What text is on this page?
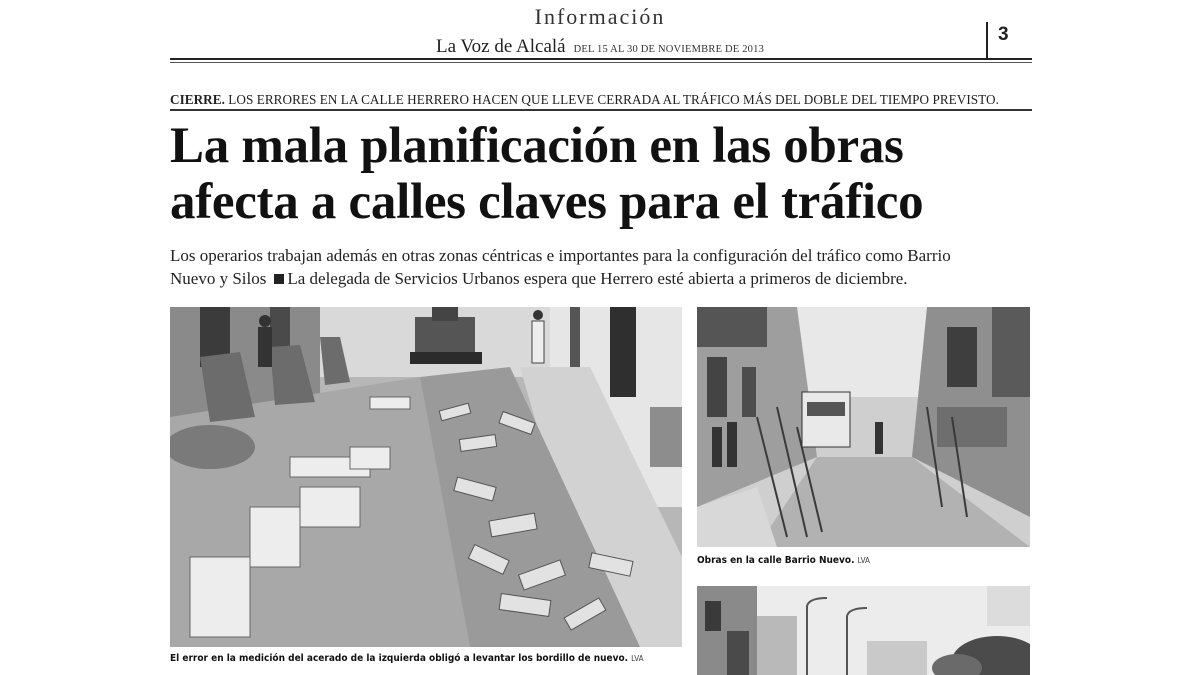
Información
La Voz de Alcalá DEL 15 AL 30 DE NOVIEMBRE DE 2013
3
CIERRE. LOS ERRORES EN LA CALLE HERRERO HACEN QUE LLEVE CERRADA AL TRÁFICO MÁS DEL DOBLE DEL TIEMPO PREVISTO.
La mala planificación en las obras
afecta a calles claves para el tráfico
Los operarios trabajan además en otras zonas céntricas e importantes para la configuración del tráfico como Barrio
Nuevo y Silos La delegada de Servicios Urbanos espera que Herrero esté abierta a primeros de diciembre.
El error en la medición del acerado de la izquierda obligó a levantar los bordillo de nuevo. LVA
Obras en la calle Barrio Nuevo. LVA
